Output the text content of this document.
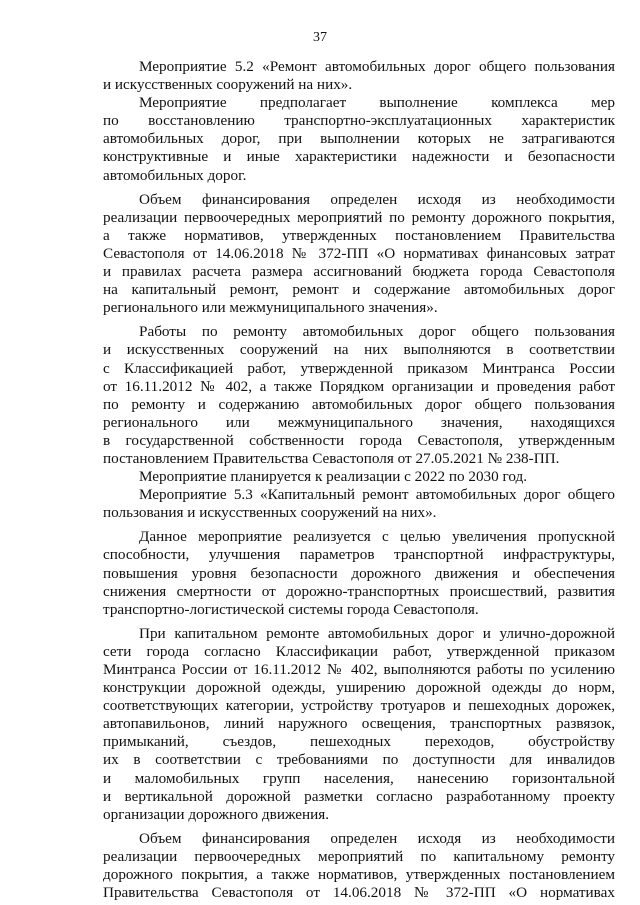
37
Мероприятие 5.2 «Ремонт автомобильных дорог общего пользования
и искусственных сооружений на них».
Мероприятие предполагает выполнение комплекса мер
по восстановлению транспортно-эксплуатационных характеристик
автомобильных дорог, при выполнении которых не затрагиваются
конструктивные и иные характеристики надежности и безопасности
автомобильных дорог.
Объем финансирования определен исходя из необходимости
реализации первоочередных мероприятий по ремонту дорожного покрытия,
а также нормативов, утвержденных постановлением Правительства
Севастополя от 14.06.2018 № 372-ПП «О нормативах финансовых затрат
и правилах расчета размера ассигнований бюджета города Севастополя
на капитальный ремонт, ремонт и содержание автомобильных дорог
регионального или межмуниципального значения».
Работы по ремонту автомобильных дорог общего пользования
и искусственных сооружений на них выполняются в соответствии
с Классификацией работ, утвержденной приказом Минтранса России
от 16.11.2012 № 402, а также Порядком организации и проведения работ
по ремонту и содержанию автомобильных дорог общего пользования
регионального или межмуниципального значения, находящихся
в государственной собственности города Севастополя, утвержденным
постановлением Правительства Севастополя от 27.05.2021 № 238-ПП.
Мероприятие планируется к реализации с 2022 по 2030 год.
Мероприятие 5.3 «Капитальный ремонт автомобильных дорог общего
пользования и искусственных сооружений на них».
Данное мероприятие реализуется с целью увеличения пропускной
способности, улучшения параметров транспортной инфраструктуры,
повышения уровня безопасности дорожного движения и обеспечения
снижения смертности от дорожно-транспортных происшествий, развития
транспортно-логистической системы города Севастополя.
При капитальном ремонте автомобильных дорог и улично-дорожной
сети города согласно Классификации работ, утвержденной приказом
Минтранса России от 16.11.2012 № 402, выполняются работы по усилению
конструкции дорожной одежды, уширению дорожной одежды до норм,
соответствующих категории, устройству тротуаров и пешеходных дорожек,
автопавильонов, линий наружного освещения, транспортных развязок,
примыканий, съездов, пешеходных переходов, обустройству
их в соответствии с требованиями по доступности для инвалидов
и маломобильных групп населения, нанесению горизонтальной
и вертикальной дорожной разметки согласно разработанному проекту
организации дорожного движения.
Объем финансирования определен исходя из необходимости
реализации первоочередных мероприятий по капитальному ремонту
дорожного покрытия, а также нормативов, утвержденных постановлением
Правительства Севастополя от 14.06.2018 № 372-ПП «О нормативах
